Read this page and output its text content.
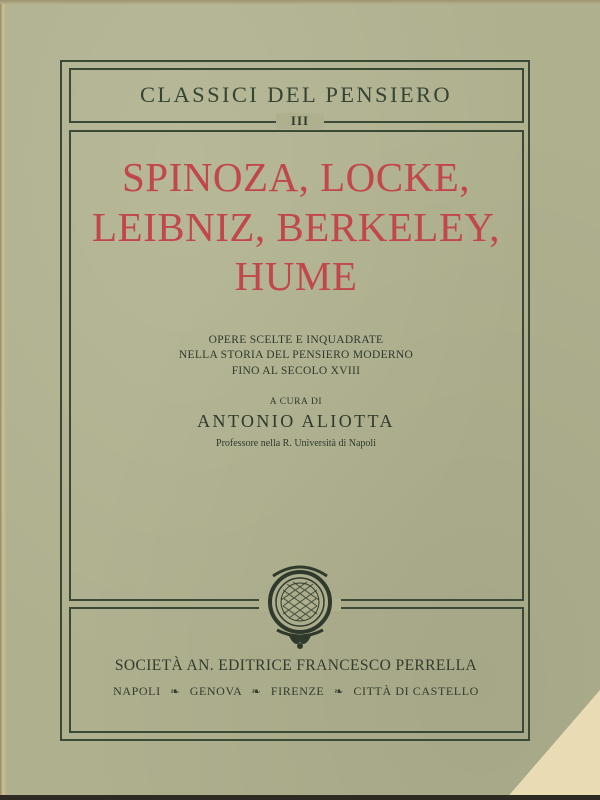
CLASSICI DEL PENSIERO
III
SPINOZA, LOCKE,
LEIBNIZ, BERKELEY,
HUME
OPERE SCELTE E INQUADRATE
NELLA STORIA DEL PENSIERO MODERNO
FINO AL SECOLO XVIII
A CURA DI
ANTONIO ALIOTTA
Professore nella R. Università di Napoli
SOCIETÀ AN. EDITRICE FRANCESCO PERRELLA
NAPOLI ❧ GENOVA ❧ FIRENZE ❧ CITTÀ DI CASTELLO
